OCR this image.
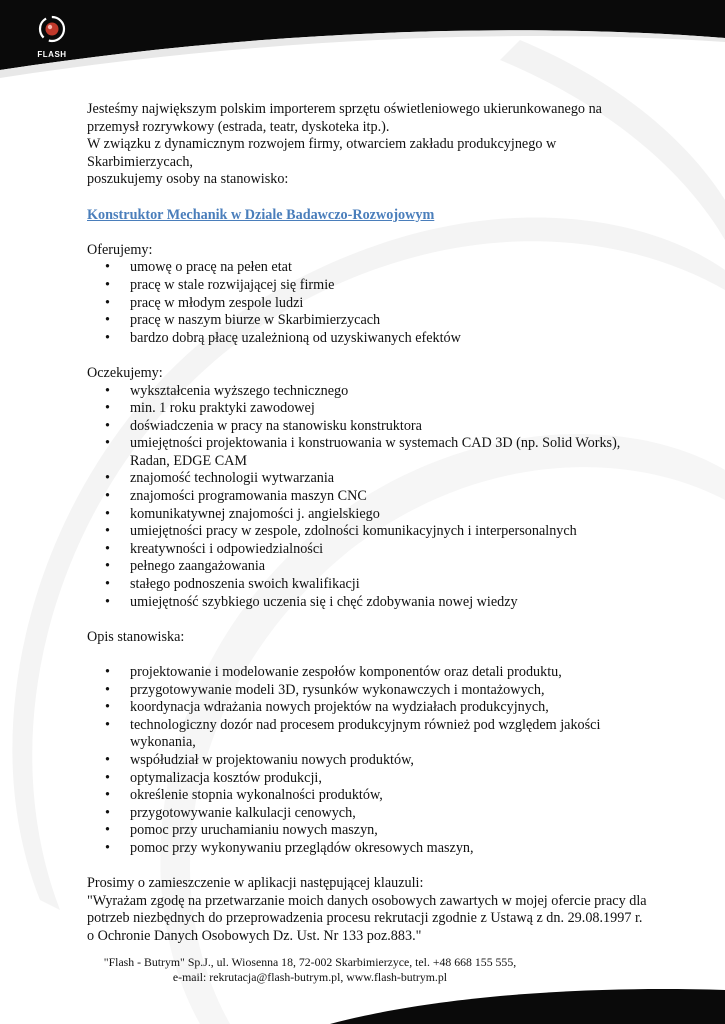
FLASH

Jesteśmy największym polskim importerem sprzętu oświetleniowego ukierunkowanego na przemysł rozrywkowy (estrada, teatr, dyskoteka itp.).

W związku z dynamicznym rozwojem firmy, otwarciem zakładu produkcyjnego w Skarbimierzycach,

poszukujemy osoby na stanowisko:

Konstruktor Mechanik w Dziale Badawczo-Rozwojowym

Oferujemy:

• umowę o pracę na pełen etat
• pracę w stale rozwijającej się firmie
• pracę w młodym zespole ludzi
• pracę w naszym biurze w Skarbimierzycach
• bardzo dobrą płacę uzależnioną od uzyskiwanych efektów

Oczekujemy:

• wykształcenia wyższego technicznego
• min. 1 roku praktyki zawodowej
• doświadczenia w pracy na stanowisku konstruktora
• umiejętności projektowania i konstruowania w systemach CAD 3D (np. Solid Works), Radan, EDGE CAM
• znajomość technologii wytwarzania
• znajomości programowania maszyn CNC
• komunikatywnej znajomości j. angielskiego
• umiejętności pracy w zespole, zdolności komunikacyjnych i interpersonalnych
• kreatywności i odpowiedzialności
• pełnego zaangażowania
• stałego podnoszenia swoich kwalifikacji
• umiejętność szybkiego uczenia się i chęć zdobywania nowej wiedzy

Opis stanowiska:

• projektowanie i modelowanie zespołów komponentów oraz detali produktu,
• przygotowywanie modeli 3D, rysunków wykonawczych i montażowych,
• koordynacja wdrażania nowych projektów na wydziałach produkcyjnych,
• technologiczny dozór nad procesem produkcyjnym również pod względem jakości wykonania,
• współudział w projektowaniu nowych produktów,
• optymalizacja kosztów produkcji,
• określenie stopnia wykonalności produktów,
• przygotowywanie kalkulacji cenowych,
• pomoc przy uruchamianiu nowych maszyn,
• pomoc przy wykonywaniu przeglądów okresowych maszyn,

Prosimy o zamieszczenie w aplikacji następującej klauzuli:

"Wyrażam zgodę na przetwarzanie moich danych osobowych zawartych w mojej ofercie pracy dla potrzeb niezbędnych do przeprowadzenia procesu rekrutacji zgodnie z Ustawą z dn. 29.08.1997 r. o Ochronie Danych Osobowych Dz. Ust. Nr 133 poz.883."

"Flash - Butrym" Sp.J., ul. Wiosenna 18, 72-002 Skarbimierzyce, tel. +48 668 155 555,
e-mail: rekrutacja@flash-butrym.pl, www.flash-butrym.pl
